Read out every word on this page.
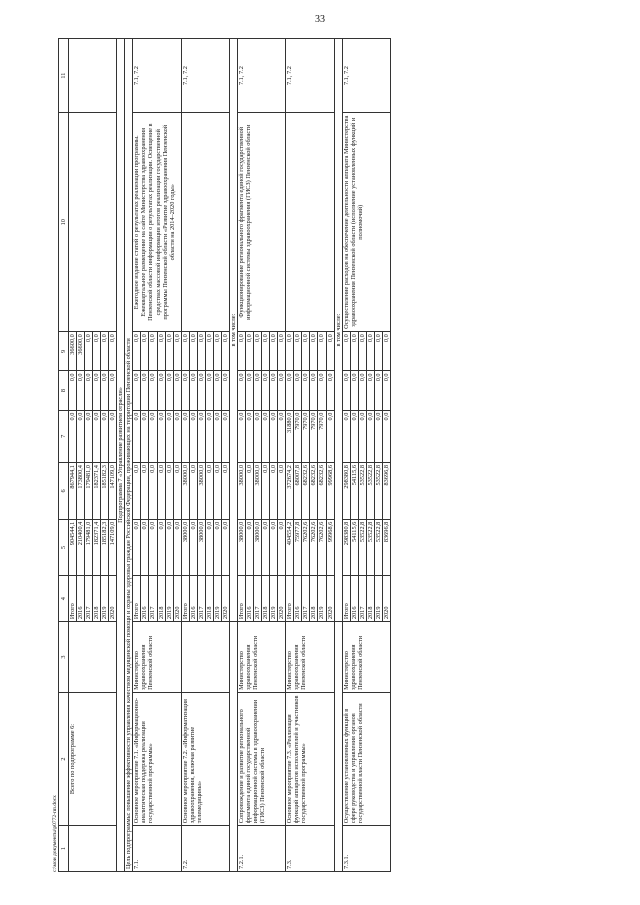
33
1	2	3	4	5	6	7	8	9	10	11
	Всего по подпрограмме 6:		Итого	904544,1	867944,1	0,0	0,0	36600,0		
			2016	210400,4	173800,4	0,0	0,0	36600,0		
			2017	179481,0	179481,0	0,0	0,0	0,0		
			2018	182371,4	182371,4	0,0	0,0	0,0		
			2019	185182,3	185182,3	0,0	0,0	0,0		
			2020	147109,0	147109,0	0,0	0,0	0,0		
Подпрограмма 7 «Управление развитием отрасли»										
Цель подпрограммы: повышение эффективности управления качеством медицинской помощи и охраны здоровья граждан Российской Федерации, проживающих на территории Пензенской области										
7.1.	Основное мероприятие 7.1. «Информационно-аналитическая поддержка реализации государственной программы»	Министерство здравоохранения Пензенской области	Итого	0,0	0,0	0,0	0,0	0,0	Ежегодное издание статей о результатах реализации программы. Ежеквартальное размещение на сайте Министерства здравоохранения Пензенской области информации о результатах реализации. Освещение в средствах массовой информации итогов реализации государственной программы Пензенской области «Развитие здравоохранения Пензенской области на 2014–2020 годы»	7.1, 7.2
			2016	0,0	0,0	0,0	0,0	0,0		
			2017	0,0	0,0	0,0	0,0	0,0		
			2018	0,0	0,0	0,0	0,0	0,0		
			2019	0,0	0,0	0,0	0,0	0,0		
			2020	0,0	0,0	0,0	0,0	0,0		
7.2.	Основное мероприятие 7.2. «Информатизация здравоохранения, включая развитие телемедицины»		Итого	38000,0	38000,0	0,0	0,0	0,0		7.1, 7.2
			2016	0,0	0,0	0,0	0,0	0,0		
			2017	38000,0	38000,0	0,0	0,0	0,0		
			2018	0,0	0,0	0,0	0,0	0,0		
			2019	0,0	0,0	0,0	0,0	0,0		
			2020	0,0	0,0	0,0	0,0	0,0		
			в том числе:							
7.2.1.	Сопровождение и развитие регионального фрагмента единой государственной информационной системы в здравоохранении (ГИСЗ) Пензенской области	Министерство здравоохранения Пензенской области	Итого	38000,0	38000,0	0,0	0,0	0,0	Функционирование регионального фрагмента единой государственной информационной системы здравоохранения (ГИСЗ) Пензенской области	7.1, 7.2
			2016	0,0	0,0	0,0	0,0	0,0		
			2017	38000,0	38000,0	0,0	0,0	0,0		
			2018	0,0	0,0	0,0	0,0	0,0		
			2019	0,0	0,0	0,0	0,0	0,0		
			2020	0,0	0,0	0,0	0,0	0,0		
7.3.	Основное мероприятие 7.3. «Реализация функций аппаратов исполнителей и участников государственной программы»	Министерство здравоохранения Пензенской области	Итого	404554,2	372674,2	31880,0	0,0	0,0		7.1, 7.2
			2016	75977,8	68007,8	7970,0	0,0	0,0		
			2017	76202,6	68232,6	7970,0	0,0	0,0		
			2018	76202,6	68232,6	7970,0	0,0	0,0		
			2019	76202,6	68232,6	7970,0	0,0	0,0		
			2020	99968,6	99968,6	0,0	0,0	0,0		
			в том числе:							
7.3.1.	Осуществление установленных функций в сфере руководства и управления органов государственной власти Пензенской области	Министерство здравоохранения Пензенской области	Итого	298380,8	298380,8	0,0	0,0	0,0	Осуществление расходов на обеспечение деятельности аппарата Министерства здравоохранения Пензенской области (исполнение установленных функций и полномочий)	7.1, 7.2
			2016	54115,6	54115,6	0,0	0,0	0,0		
			2017	53522,8	53522,8	0,0	0,0	0,0		
			2018	53522,8	53522,8	0,0	0,0	0,0		
			2019	53522,8	53522,8	0,0	0,0	0,0		
			2020	83696,8	83696,8	0,0	0,0	0,0		
c:\мои документы\р0772-пп.docx
